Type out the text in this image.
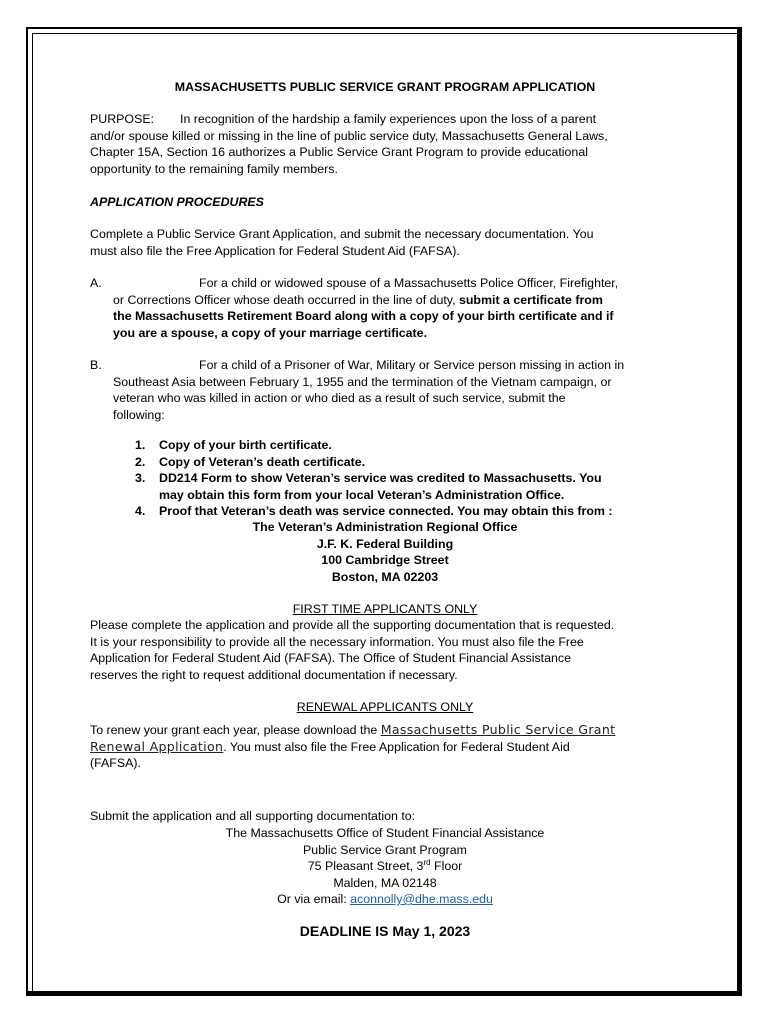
MASSACHUSETTS PUBLIC SERVICE GRANT PROGRAM APPLICATION
PURPOSE: In recognition of the hardship a family experiences upon the loss of a parent
and/or spouse killed or missing in the line of public service duty, Massachusetts General Laws,
Chapter 15A, Section 16 authorizes a Public Service Grant Program to provide educational
opportunity to the remaining family members.
APPLICATION PROCEDURES
Complete a Public Service Grant Application, and submit the necessary documentation. You
must also file the Free Application for Federal Student Aid (FAFSA).
A.	For a child or widowed spouse of a Massachusetts Police Officer, Firefighter,
or Corrections Officer whose death occurred in the line of duty, submit a certificate from
the Massachusetts Retirement Board along with a copy of your birth certificate and if
you are a spouse, a copy of your marriage certificate.
B.	For a child of a Prisoner of War, Military or Service person missing in action in
Southeast Asia between February 1, 1955 and the termination of the Vietnam campaign, or
veteran who was killed in action or who died as a result of such service, submit the
following:
1. Copy of your birth certificate.
2. Copy of Veteran’s death certificate.
3. DD214 Form to show Veteran’s service was credited to Massachusetts. You
may obtain this form from your local Veteran’s Administration Office.
4. Proof that Veteran’s death was service connected. You may obtain this from :
The Veteran’s Administration Regional Office
J.F. K. Federal Building
100 Cambridge Street
Boston, MA 02203
FIRST TIME APPLICANTS ONLY
Please complete the application and provide all the supporting documentation that is requested.
It is your responsibility to provide all the necessary information. You must also file the Free
Application for Federal Student Aid (FAFSA). The Office of Student Financial Assistance
reserves the right to request additional documentation if necessary.
RENEWAL APPLICANTS ONLY
To renew your grant each year, please download the Massachusetts Public Service Grant
Renewal Application. You must also file the Free Application for Federal Student Aid
(FAFSA).
Submit the application and all supporting documentation to:
The Massachusetts Office of Student Financial Assistance
Public Service Grant Program
75 Pleasant Street, 3rd Floor
Malden, MA 02148
Or via email: aconnolly@dhe.mass.edu
DEADLINE IS May 1, 2023
